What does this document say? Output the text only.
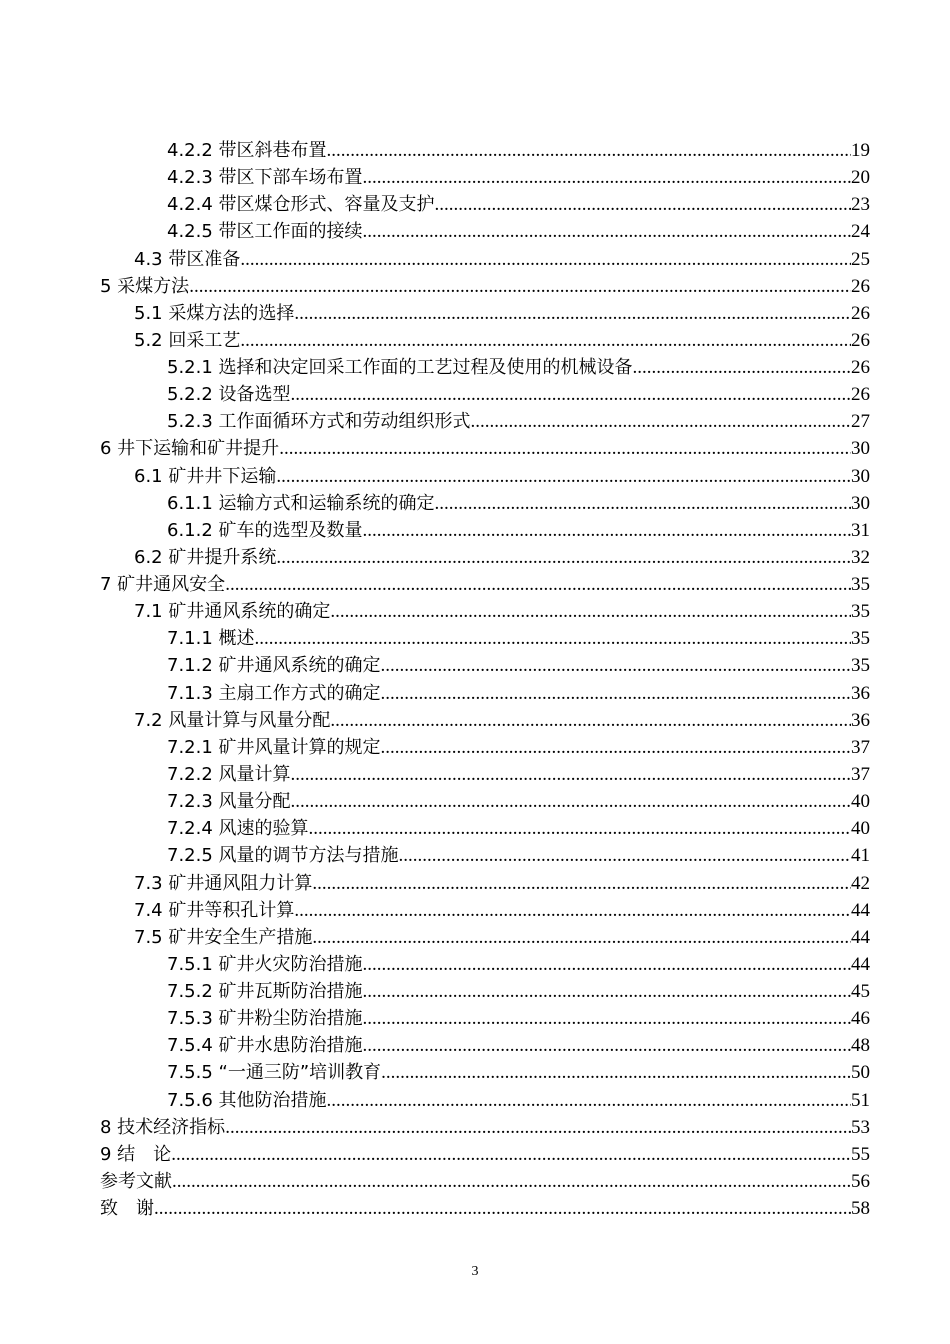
4.2.2 带区斜巷布置 .....	19
4.2.3 带区下部车场布置 .....	20
4.2.4 带区煤仓形式、容量及支护 .....	23
4.2.5 带区工作面的接续 .....	24
4.3 带区准备 .....	25
5 采煤方法 .....	26
5.1 采煤方法的选择 .....	26
5.2 回采工艺 .....	26
5.2.1 选择和决定回采工作面的工艺过程及使用的机械设备 .....	26
5.2.2 设备选型 .....	26
5.2.3 工作面循环方式和劳动组织形式 .....	27
6 井下运输和矿井提升 .....	30
6.1 矿井井下运输 .....	30
6.1.1 运输方式和运输系统的确定 .....	30
6.1.2 矿车的选型及数量 .....	31
6.2 矿井提升系统 .....	32
7 矿井通风安全 .....	35
7.1 矿井通风系统的确定 .....	35
7.1.1 概述 .....	35
7.1.2 矿井通风系统的确定 .....	35
7.1.3 主扇工作方式的确定 .....	36
7.2 风量计算与风量分配 .....	36
7.2.1 矿井风量计算的规定 .....	37
7.2.2 风量计算 .....	37
7.2.3 风量分配 .....	40
7.2.4 风速的验算 .....	40
7.2.5 风量的调节方法与措施 .....	41
7.3 矿井通风阻力计算 .....	42
7.4 矿井等积孔计算 .....	44
7.5 矿井安全生产措施 .....	44
7.5.1 矿井火灾防治措施 .....	44
7.5.2 矿井瓦斯防治措施 .....	45
7.5.3 矿井粉尘防治措施 .....	46
7.5.4 矿井水患防治措施 .....	48
7.5.5 “一通三防”培训教育 .....	50
7.5.6 其他防治措施 .....	51
8 技术经济指标 .....	53
9 结　论 .....	55
参考文献 .....	56
致　谢 .....	58
3
